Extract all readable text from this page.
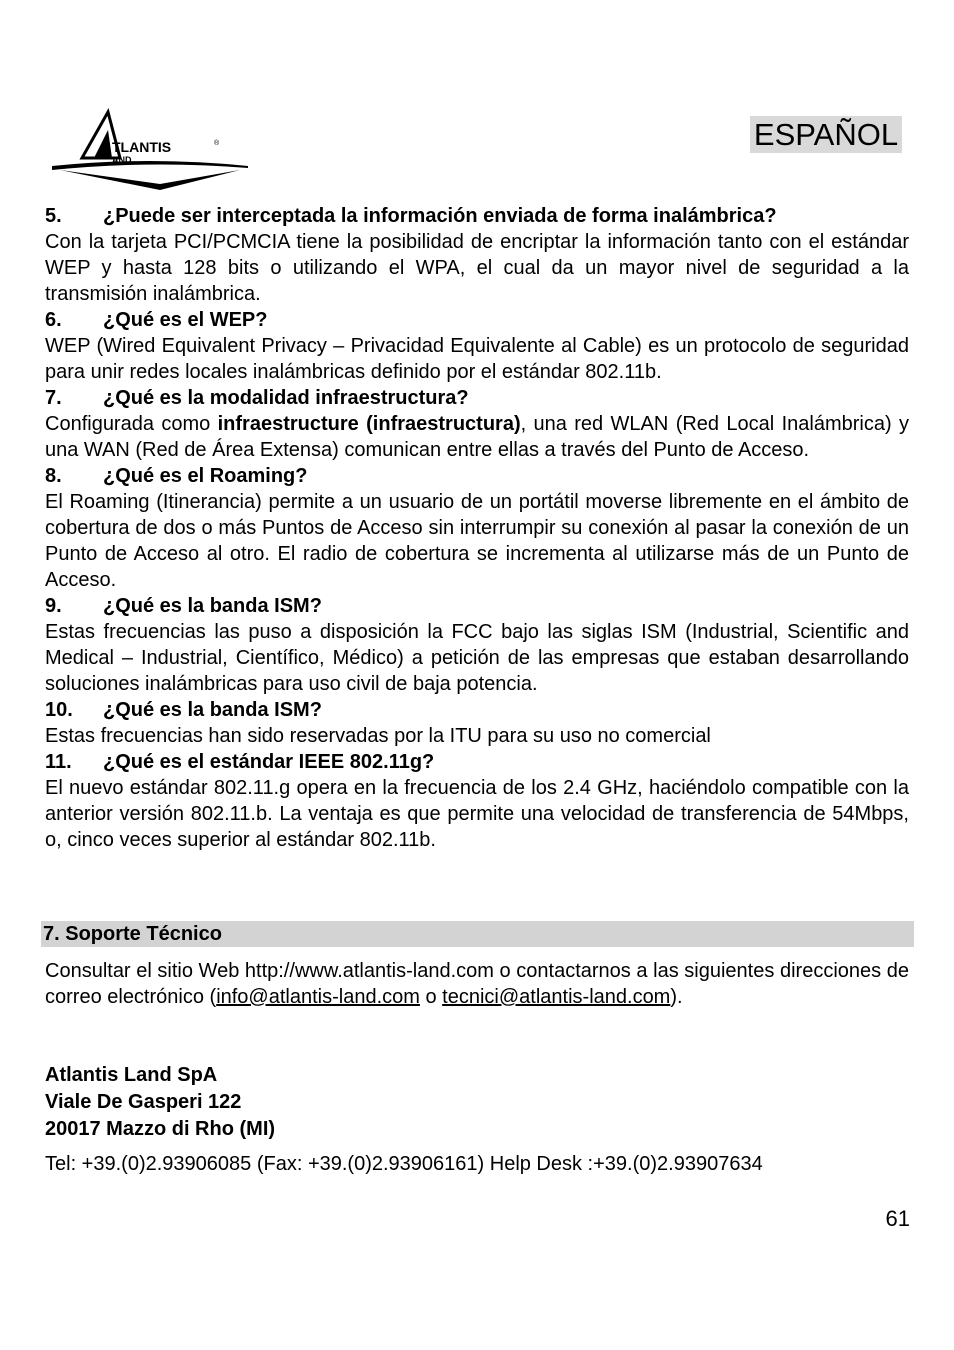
TLANTIS
AND
®	ESPAÑOL
5. ¿Puede ser interceptada la información enviada de forma inalámbrica?
Con la tarjeta PCI/PCMCIA tiene la posibilidad de encriptar la información tanto con el estándar WEP y hasta 128 bits o utilizando el WPA, el cual da un mayor nivel de seguridad a la transmisión inalámbrica.
6. ¿Qué es el WEP?
WEP (Wired Equivalent Privacy – Privacidad Equivalente al Cable) es un protocolo de seguridad para unir redes locales inalámbricas definido por el estándar 802.11b.
7. ¿Qué es la modalidad infraestructura?
Configurada como infraestructure (infraestructura), una red WLAN (Red Local Inalámbrica) y una WAN (Red de Área Extensa) comunican entre ellas a través del Punto de Acceso.
8. ¿Qué es el Roaming?
El Roaming (Itinerancia) permite a un usuario de un portátil moverse libremente en el ámbito de cobertura de dos o más Puntos de Acceso sin interrumpir su conexión al pasar la conexión de un Punto de Acceso al otro. El radio de cobertura se incrementa al utilizarse más de un Punto de Acceso.
9. ¿Qué es la banda ISM?
Estas frecuencias las puso a disposición la FCC bajo las siglas ISM (Industrial, Scientific and Medical – Industrial, Científico, Médico) a petición de las empresas que estaban desarrollando soluciones inalámbricas para uso civil de baja potencia.
10. ¿Qué es la banda ISM?
Estas frecuencias han sido reservadas por la ITU para su uso no comercial
11. ¿Qué es el estándar IEEE 802.11g?
El nuevo estándar 802.11.g opera en la frecuencia de los 2.4 GHz, haciéndolo compatible con la anterior versión 802.11.b. La ventaja es que permite una velocidad de transferencia de 54Mbps, o, cinco veces superior al estándar 802.11b.
7. Soporte Técnico
Consultar el sitio Web http://www.atlantis-land.com o contactarnos a las siguientes direcciones de correo electrónico (info@atlantis-land.com o tecnici@atlantis-land.com).
Atlantis Land SpA
Viale De Gasperi 122
20017 Mazzo di Rho (MI)
Tel: +39.(0)2.93906085 (Fax: +39.(0)2.93906161) Help Desk :+39.(0)2.93907634
61
